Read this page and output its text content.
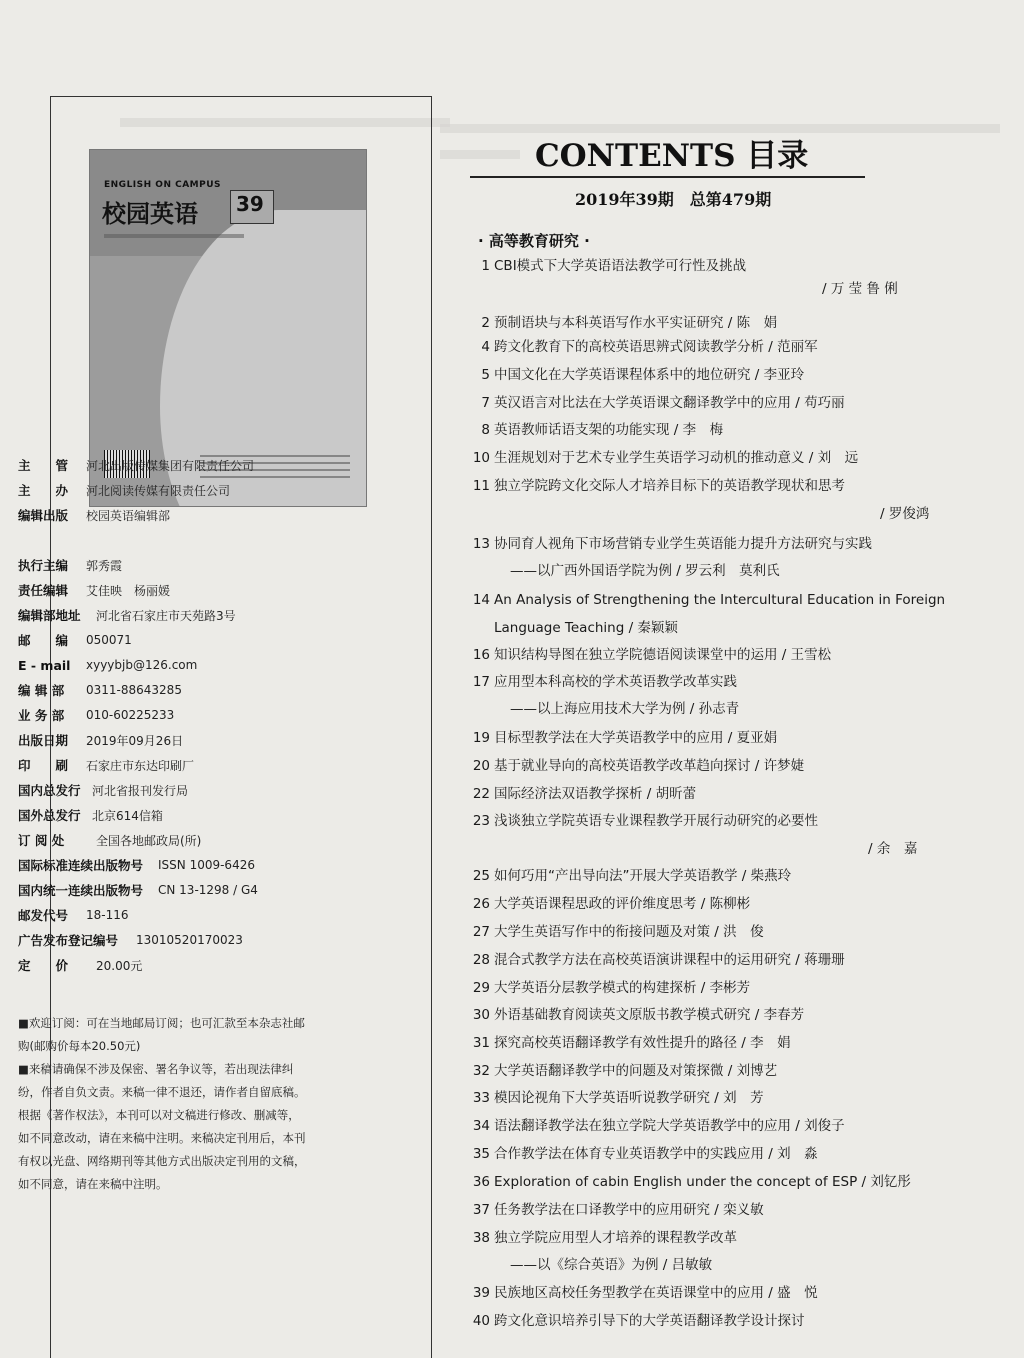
ENGLISH ON CAMPUS
校园英语 39
主　　管	河北出版传媒集团有限责任公司
主　　办	河北阅读传媒有限责任公司
编辑出版	校园英语编辑部
执行主编	郭秀霞
责任编辑	艾佳映　杨丽媛
编辑部地址	河北省石家庄市天苑路3号
邮　　编	050071
E - mail	xyyybjb@126.com
编 辑 部	0311-88643285
业 务 部	010-60225233
出版日期	2019年09月26日
印　　刷	石家庄市东达印刷厂
国内总发行 河北省报刊发行局
国外总发行 北京614信箱
订 阅 处	全国各地邮政局(所)
国际标准连续出版物号	ISSN 1009-6426
国内统一连续出版物号	CN 13-1298 / G4
邮发代号	18-116
广告发布登记编号	13010520170023
定　　价	20.00元
■欢迎订阅：可在当地邮局订阅；也可汇款至本杂志社邮
购(邮购价每本20.50元)
■来稿请确保不涉及保密、署名争议等，若出现法律纠
纷，作者自负文责。来稿一律不退还，请作者自留底稿。
根据《著作权法》，本刊可以对文稿进行修改、删减等，
如不同意改动，请在来稿中注明。来稿决定刊用后，本刊
有权以光盘、网络期刊等其他方式出版决定刊用的文稿，
如不同意，请在来稿中注明。
CONTENTS 目录
2019年39期　总第479期
· 高等教育研究 ·
1 CBI模式下大学英语语法教学可行性及挑战
/ 万 莹 鲁 俐
2 预制语块与本科英语写作水平实证研究 / 陈　娟
4 跨文化教育下的高校英语思辨式阅读教学分析 / 范丽军
5 中国文化在大学英语课程体系中的地位研究 / 李亚玲
7 英汉语言对比法在大学英语课文翻译教学中的应用 / 苟巧丽
8 英语教师话语支架的功能实现 / 李　梅
10 生涯规划对于艺术专业学生英语学习动机的推动意义 / 刘　远
11 独立学院跨文化交际人才培养目标下的英语教学现状和思考
/ 罗俊鸿
13 协同育人视角下市场营销专业学生英语能力提升方法研究与实践
——以广西外国语学院为例 / 罗云利　莫利氏
14 An Analysis of Strengthening the Intercultural Education in Foreign
Language Teaching / 秦颖颖
16 知识结构导图在独立学院德语阅读课堂中的运用 / 王雪松
17 应用型本科高校的学术英语教学改革实践
——以上海应用技术大学为例 / 孙志青
19 目标型教学法在大学英语教学中的应用 / 夏亚娟
20 基于就业导向的高校英语教学改革趋向探讨 / 许梦婕
22 国际经济法双语教学探析 / 胡昕蕾
23 浅谈独立学院英语专业课程教学开展行动研究的必要性
/ 余　嘉
25 如何巧用“产出导向法”开展大学英语教学 / 柴燕玲
26 大学英语课程思政的评价维度思考 / 陈柳彬
27 大学生英语写作中的衔接问题及对策 / 洪　俊
28 混合式教学方法在高校英语演讲课程中的运用研究 / 蒋珊珊
29 大学英语分层教学模式的构建探析 / 李彬芳
30 外语基础教育阅读英文原版书教学模式研究 / 李春芳
31 探究高校英语翻译教学有效性提升的路径 / 李　娟
32 大学英语翻译教学中的问题及对策探微 / 刘博艺
33 模因论视角下大学英语听说教学研究 / 刘　芳
34 语法翻译教学法在独立学院大学英语教学中的应用 / 刘俊子
35 合作教学法在体育专业英语教学中的实践应用 / 刘　淼
36 Exploration of cabin English under the concept of ESP / 刘钇彤
37 任务教学法在口译教学中的应用研究 / 栾义敏
38 独立学院应用型人才培养的课程教学改革
——以《综合英语》为例 / 吕敏敏
39 民族地区高校任务型教学在英语课堂中的应用 / 盛　悦
40 跨文化意识培养引导下的大学英语翻译教学设计探讨
